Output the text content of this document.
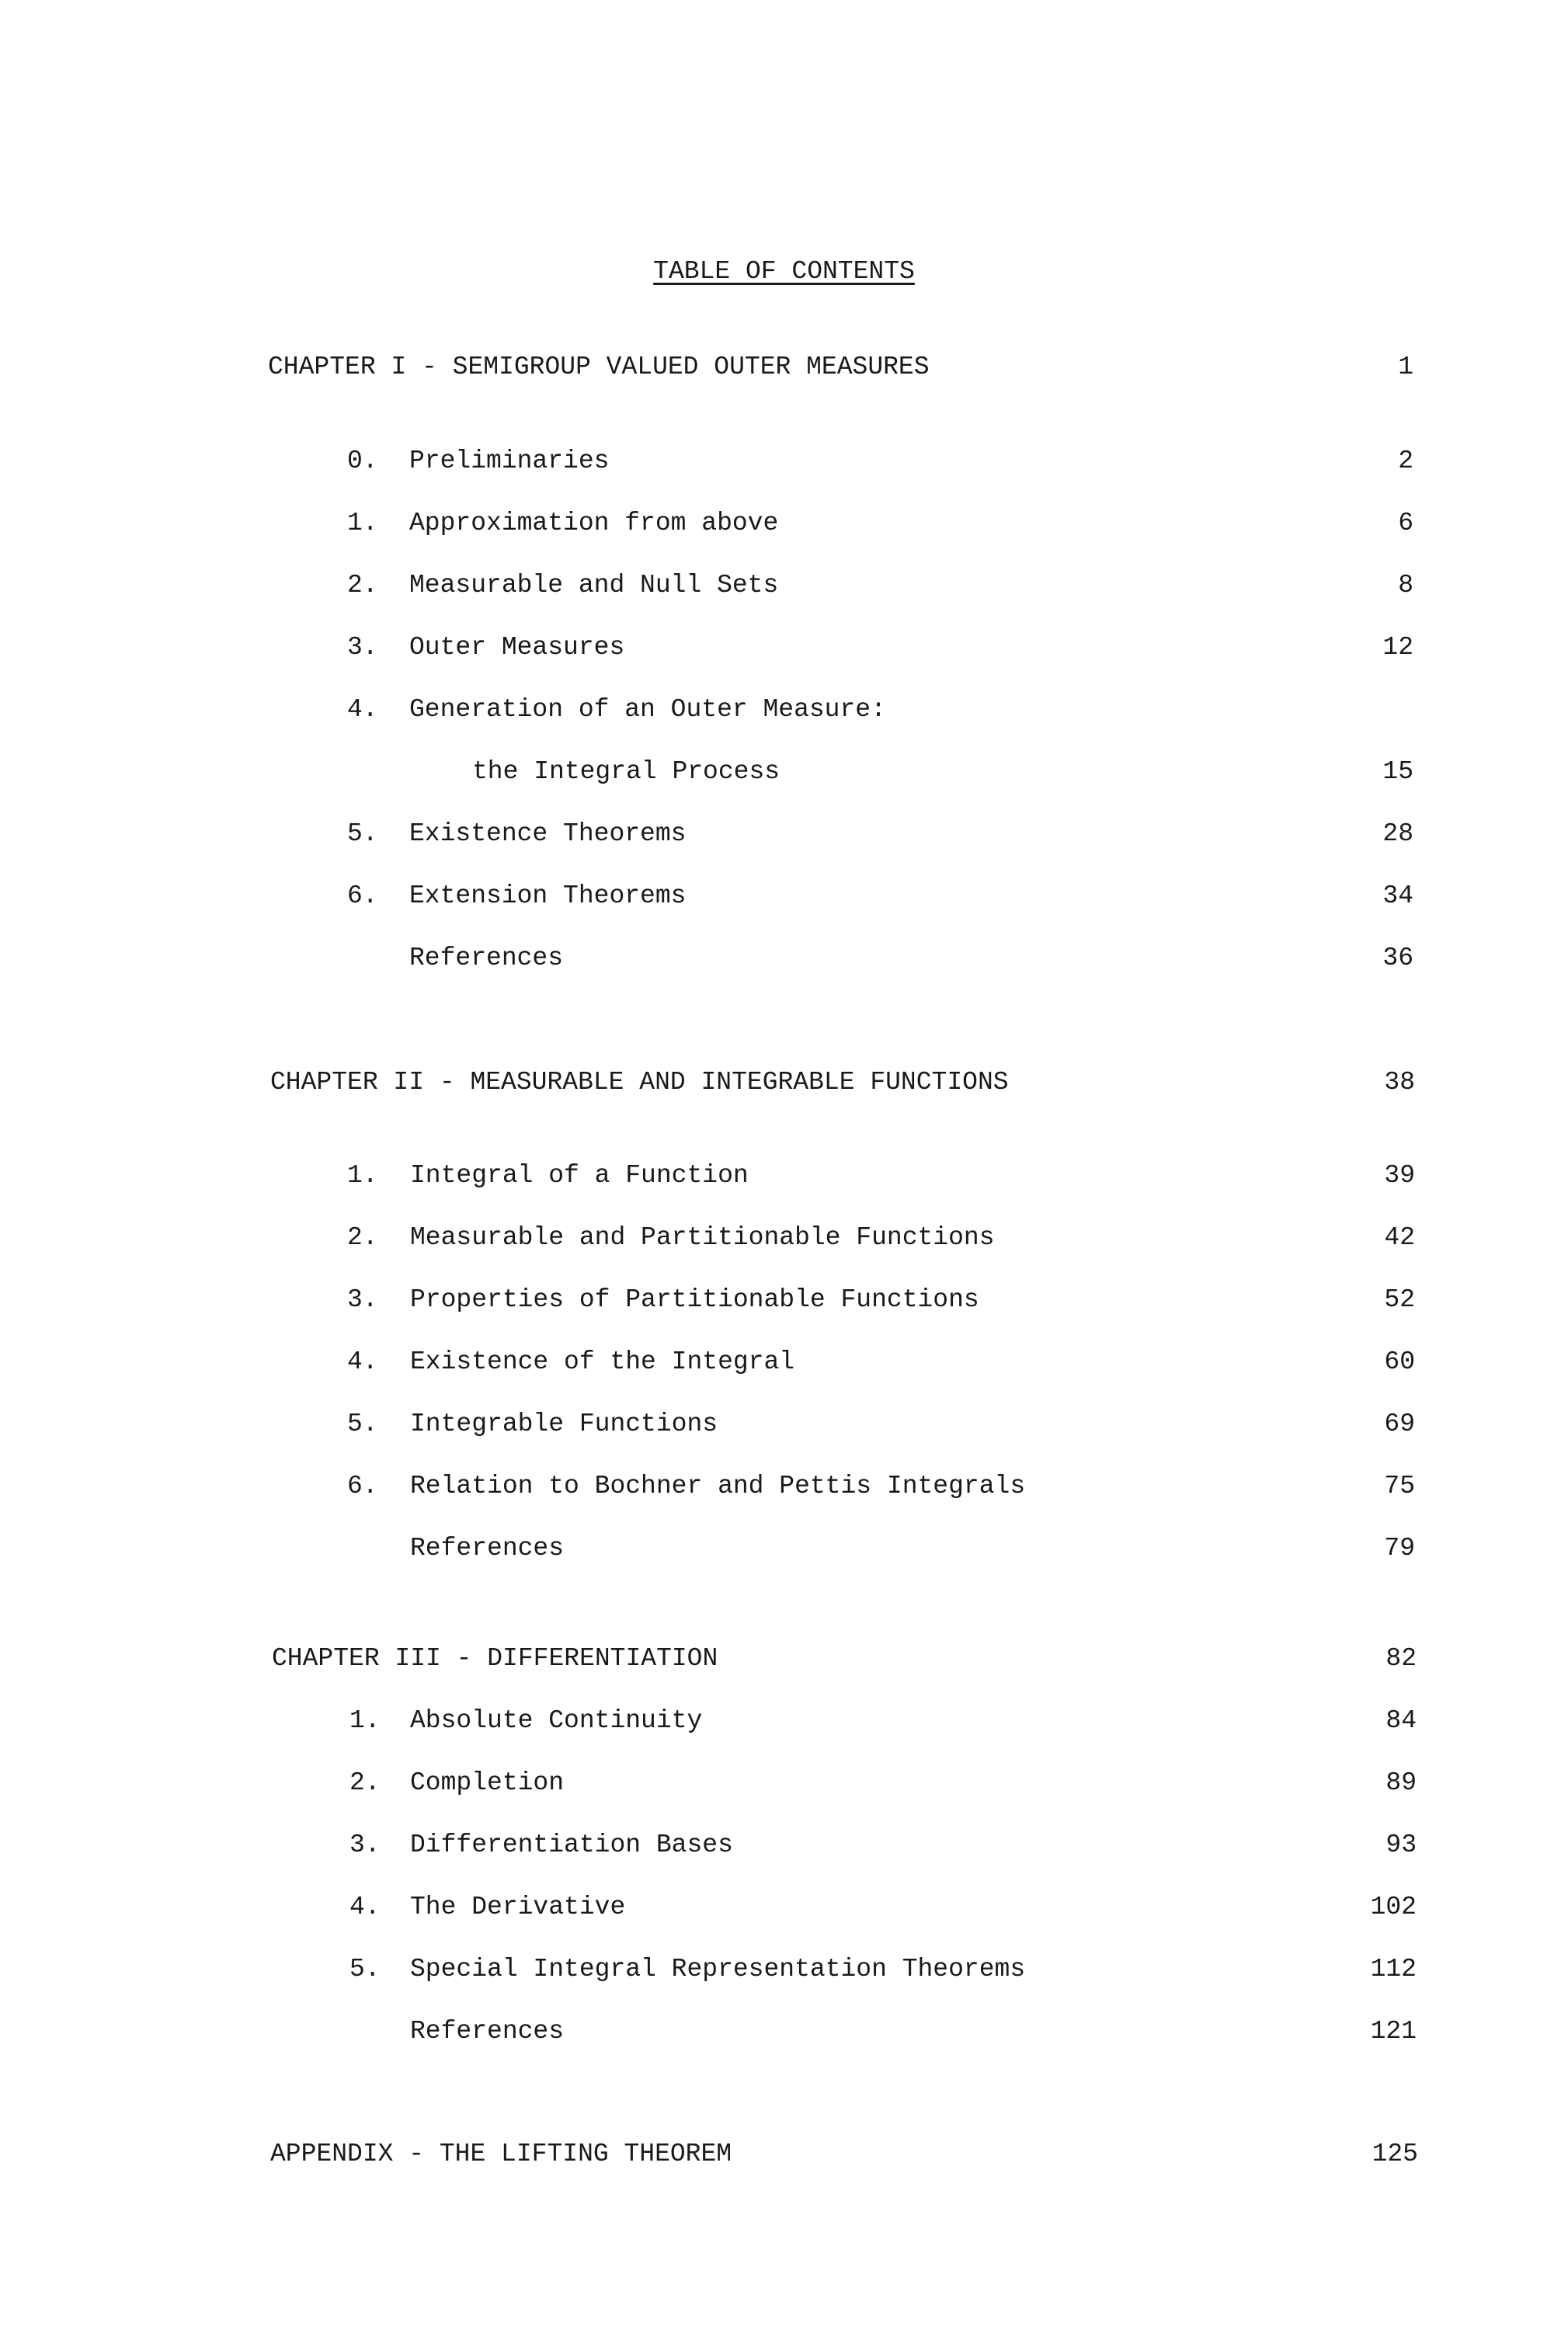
TABLE OF CONTENTS
CHAPTER I - SEMIGROUP VALUED OUTER MEASURES	1
0. Preliminaries	2
1. Approximation from above	6
2. Measurable and Null Sets	8
3. Outer Measures	12
4. Generation of an Outer Measure:
the Integral Process	15
5. Existence Theorems	28
6. Extension Theorems	34
References	36
CHAPTER II - MEASURABLE AND INTEGRABLE FUNCTIONS	38
1. Integral of a Function	39
2. Measurable and Partitionable Functions	42
3. Properties of Partitionable Functions	52
4. Existence of the Integral	60
5. Integrable Functions	69
6. Relation to Bochner and Pettis Integrals	75
References	79
CHAPTER III - DIFFERENTIATION	82
1. Absolute Continuity	84
2. Completion	89
3. Differentiation Bases	93
4. The Derivative	102
5. Special Integral Representation Theorems	112
References	121
APPENDIX - THE LIFTING THEOREM	125
